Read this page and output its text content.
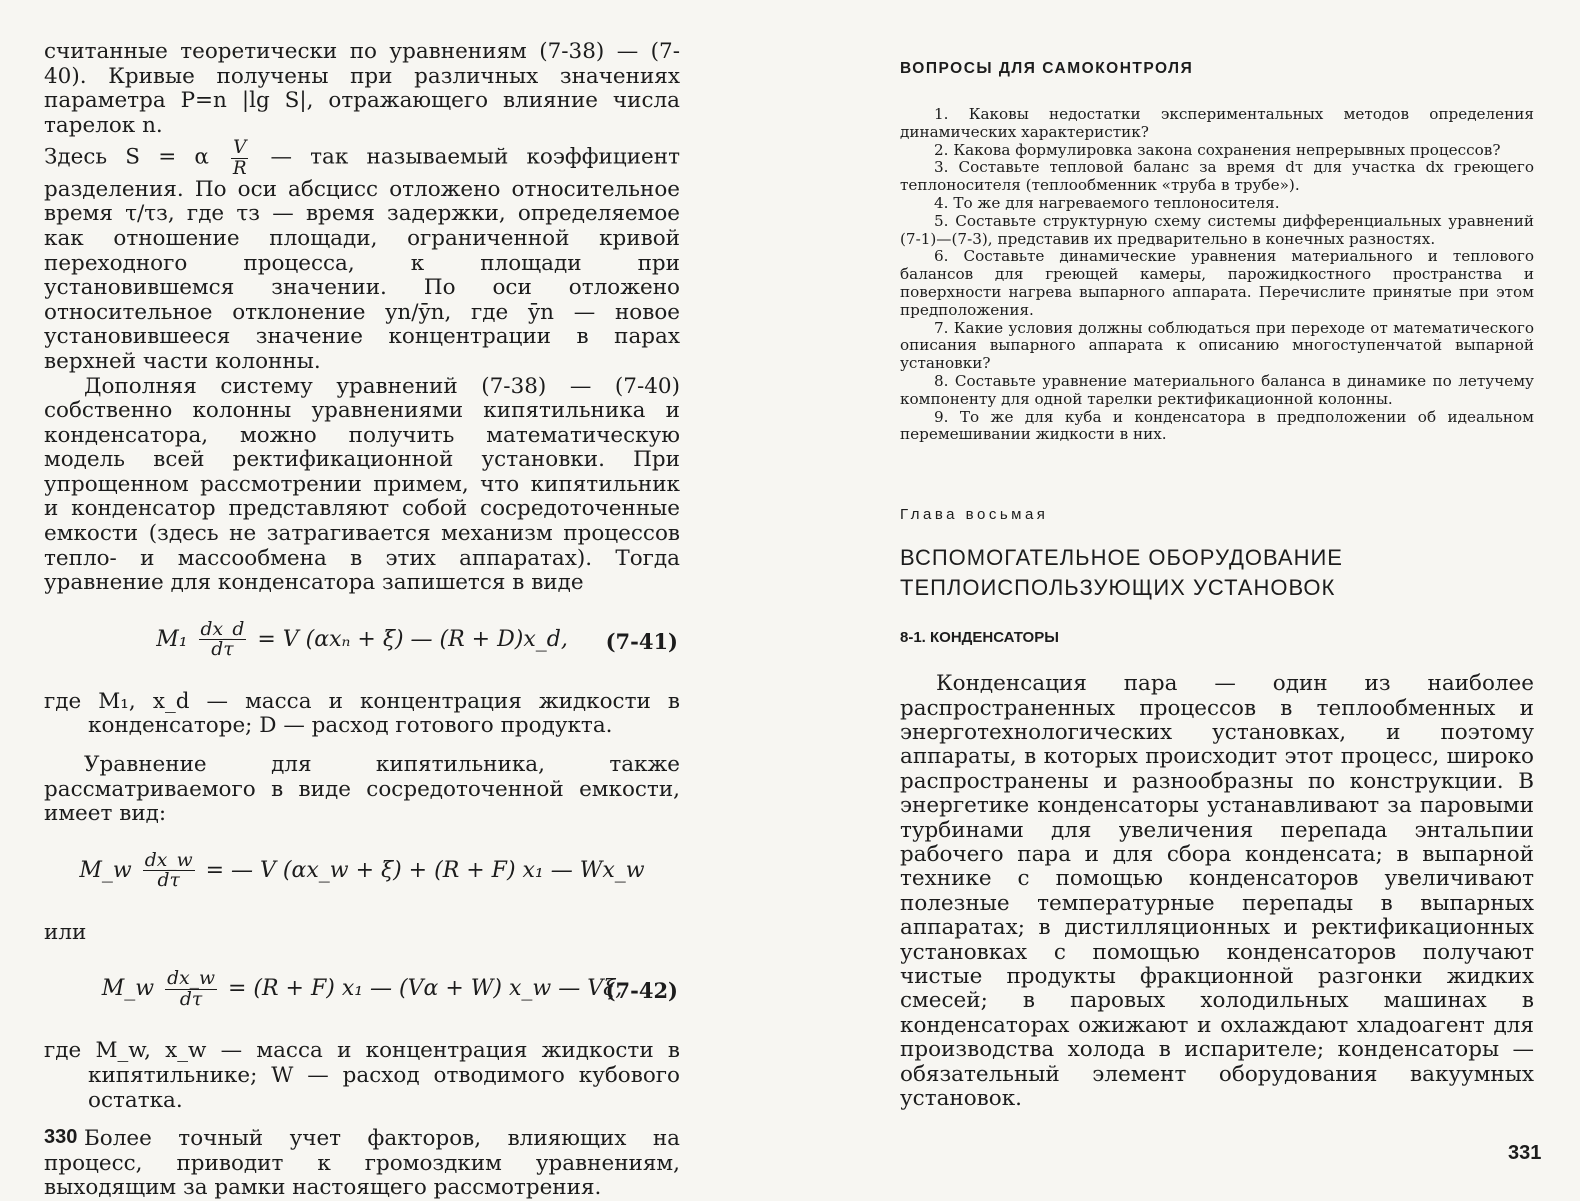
считанные теоретически по уравнениям (7-38) — (7-40). Кривые получены при различных значениях параметра P=n |lg S|, отражающего влияние числа тарелок n.

Здесь S = α $\frac{V}{R}$ — так называемый коэффициент разделения. По оси абсцисс отложено относительное время τ/τз, где τз — время задержки, определяемое как отношение площади, ограниченной кривой переходного процесса, к площади при установившемся значении. По оси отложено относительное отклонение yn/ȳn, где ȳn — новое установившееся значение концентрации в парах верхней части колонны.

Дополняя систему уравнений (7-38) — (7-40) собственно колонны уравнениями кипятильника и конденсатора, можно получить математическую модель всей ректификационной установки. При упрощенном рассмотрении примем, что кипятильник и конденсатор представляют собой сосредоточенные емкости (здесь не затрагивается механизм процессов тепло- и массообмена в этих аппаратах). Тогда уравнение для конденсатора запишется в виде

$M_1 \frac{dx\_d}{d\tau} = V$ (αxₙ + ξ) — (R + D)x_d,	(7-41)

где M₁, x_d — масса и концентрация жидкости в конденсаторе; D — расход готового продукта.

Уравнение для кипятильника, также рассматриваемого в виде сосредоточенной емкости, имеет вид:

M_w $\frac{dx\_w}{d\tau}$ = — V (αx_w + ξ) + (R + F) x₁ — Wx_w

или

M_w $\frac{dx\_w}{d\tau} = (R + F)$ x₁ — (Vα + W) x_w — Vξ,
(7-42)

где M_w, x_w — масса и концентрация жидкости в кипятильнике; W — расход отводимого кубового остатка.

Более точный учет факторов, влияющих на процесс, приводит к громоздким уравнениям, выходящим за рамки настоящего рассмотрения.

330
ВОПРОСЫ ДЛЯ САМОКОНТРОЛЯ

1. Каковы недостатки экспериментальных методов определения динамических характеристик?

2. Какова формулировка закона сохранения непрерывных процессов?

3. Составьте тепловой баланс за время dτ для участка dx греющего теплоносителя (теплообменник «труба в трубе»).

4. То же для нагреваемого теплоносителя.

5. Составьте структурную схему системы дифференциальных уравнений (7-1)—(7-3), представив их предварительно в конечных разностях.

6. Составьте динамические уравнения материального и теплового балансов для греющей камеры, парожидкостного пространства и поверхности нагрева выпарного аппарата. Перечислите принятые при этом предположения.

7. Какие условия должны соблюдаться при переходе от математического описания выпарного аппарата к описанию многоступенчатой выпарной установки?

8. Составьте уравнение материального баланса в динамике по летучему компоненту для одной тарелки ректификационной колонны.

9. То же для куба и конденсатора в предположении об идеальном перемешивании жидкости в них.

Глава восьмая
ВСПОМОГАТЕЛЬНОЕ ОБОРУДОВАНИЕ
ТЕПЛОИСПОЛЬЗУЮЩИХ УСТАНОВОК
8-1. КОНДЕНСАТОРЫ

Конденсация пара — один из наиболее распространенных процессов в теплообменных и энерготехнологических установках, и поэтому аппараты, в которых происходит этот процесс, широко распространены и разнообразны по конструкции. В энергетике конденсаторы устанавливают за паровыми турбинами для увеличения перепада энтальпии рабочего пара и для сбора конденсата; в выпарной технике с помощью конденсаторов увеличивают полезные температурные перепады в выпарных аппаратах; в дистилляционных и ректификационных установках с помощью конденсаторов получают чистые продукты фракционной разгонки жидких смесей; в паровых холодильных машинах в конденсаторах ожижают и охлаждают хладоагент для производства холода в испарителе; конденсаторы — обязательный элемент оборудования вакуумных установок.

331
